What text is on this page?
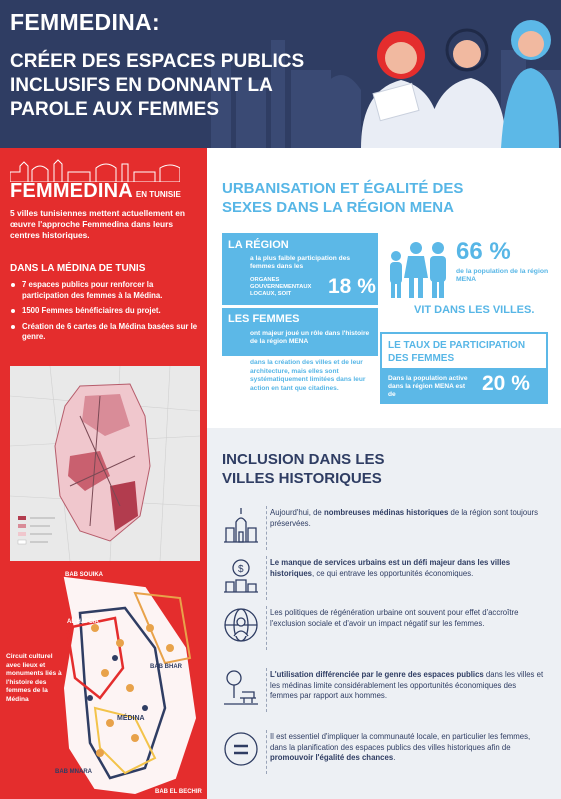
FEMMEDINA:
CRÉER DES ESPACES PUBLICS INCLUSIFS EN DONNANT LA PAROLE AUX FEMMES
FEMMEDINA EN TUNISIE
5 villes tunisiennes mettent actuellement en œuvre l'approche Femmedina dans leurs centres historiques.
DANS LA MÉDINA DE TUNIS
7 espaces publics pour renforcer la participation des femmes à la Médina.
1500 Femmes bénéficiaires du projet.
Création de 6 cartes de la Médina basées sur le genre.
BAB SOUIKA
AL HAFSIA
BAB BHAR
MÉDINA
BAB MNARA
BAB EL BECHIR
Circuit culturel avec lieux et monuments liés à l'histoire des femmes de la Médina
URBANISATION ET ÉGALITÉ DES
SEXES DANS LA RÉGION MENA
LA RÉGION
a la plus faible participation des femmes dans les
ORGANES GOUVERNEMENTAUX LOCAUX, SOIT	18 %
LES FEMMES
ont majeur joué un rôle dans l'histoire de la région MENA
dans la création des villes et de leur architecture, mais elles sont systématiquement limitées dans leur action en tant que citadines.
66 %
de la population de la région MENA
VIT DANS LES VILLES.
LE TAUX DE PARTICIPATION DES FEMMES
Dans la population active dans la région MENA est de	20 %
INCLUSION DANS LES
VILLES HISTORIQUES
Aujourd'hui, de nombreuses médinas historiques de la région sont toujours préservées.
$
Le manque de services urbains est un défi majeur dans les villes historiques, ce qui entrave les opportunités économiques.
Les politiques de régénération urbaine ont souvent pour effet d'accroître l'exclusion sociale et d'avoir un impact négatif sur les femmes.
L'utilisation différenciée par le genre des espaces publics dans les villes et les médinas limite considérablement les opportunités économiques des femmes par rapport aux hommes.
Il est essentiel d'impliquer la communauté locale, en particulier les femmes, dans la planification des espaces publics des villes historiques afin de promouvoir l'égalité des chances.
